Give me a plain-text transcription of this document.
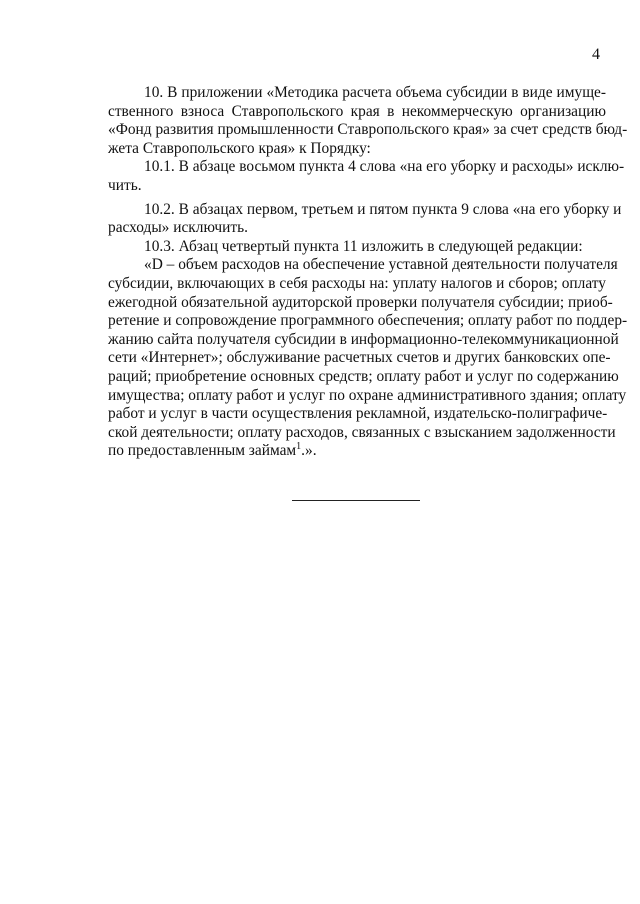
4
10. В приложении «Методика расчета объема субсидии в виде имуще-
ственного взноса Ставропольского края в некоммерческую организацию
«Фонд развития промышленности Ставропольского края» за счет средств бюд-
жета Ставропольского края» к Порядку:
10.1. В абзаце восьмом пункта 4 слова «на его уборку и расходы» исклю-
чить.
10.2. В абзацах первом, третьем и пятом пункта 9 слова «на его уборку и
расходы» исключить.
10.3. Абзац четвертый пункта 11 изложить в следующей редакции:
«D – объем расходов на обеспечение уставной деятельности получателя
субсидии, включающих в себя расходы на: уплату налогов и сборов; оплату
ежегодной обязательной аудиторской проверки получателя субсидии; приоб-
ретение и сопровождение программного обеспечения; оплату работ по поддер-
жанию сайта получателя субсидии в информационно-телекоммуникационной
сети «Интернет»; обслуживание расчетных счетов и других банковских опе-
раций; приобретение основных средств; оплату работ и услуг по содержанию
имущества; оплату работ и услуг по охране административного здания; оплату
работ и услуг в части осуществления рекламной, издательско-полиграфиче-
ской деятельности; оплату расходов, связанных с взысканием задолженности
по предоставленным займам$^1$.».
